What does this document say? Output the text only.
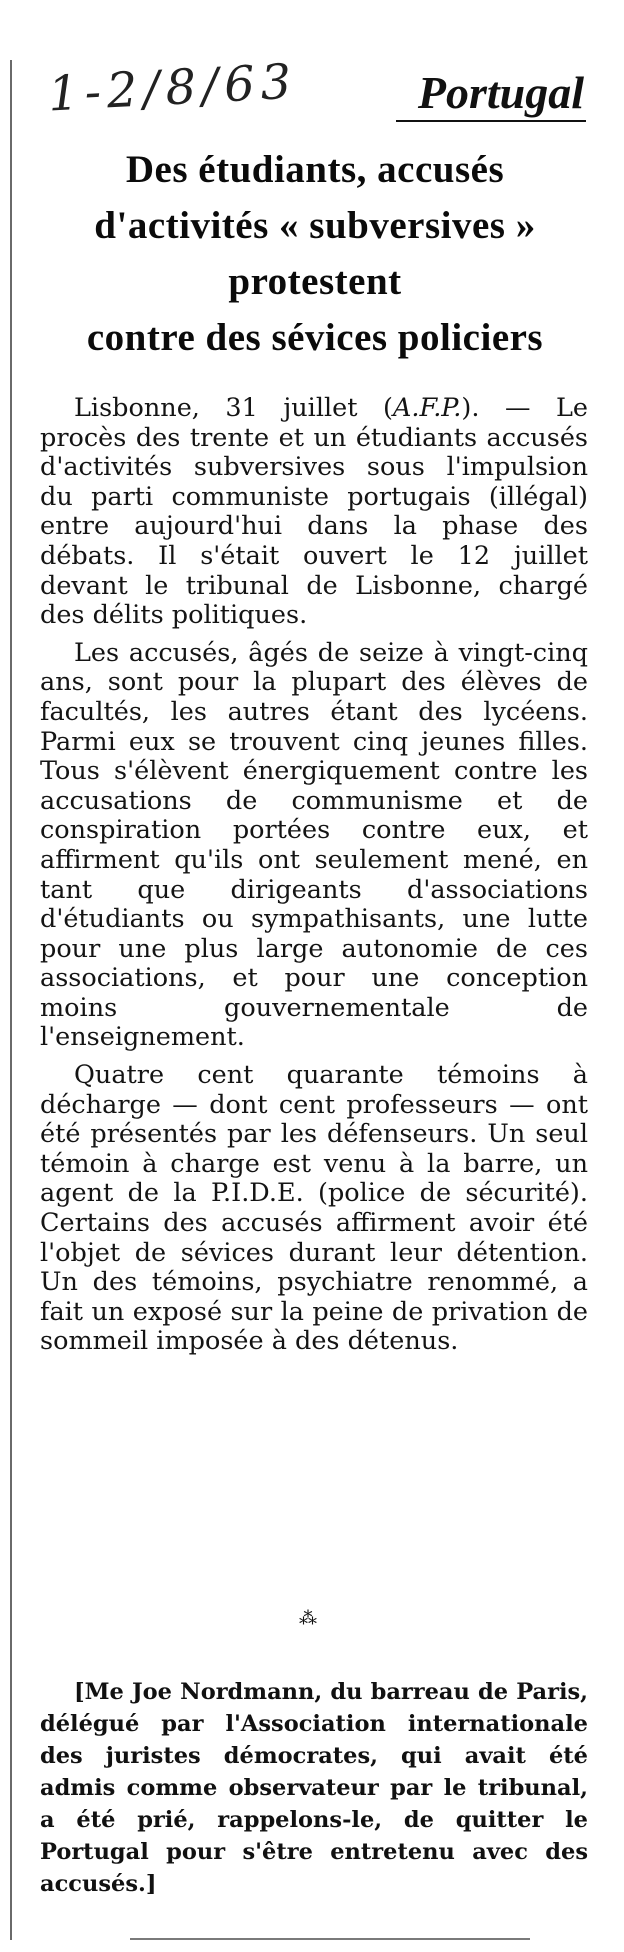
1-2/8/63	Portugal
Des étudiants, accusés
d'activités « subversives »
protestent
contre des sévices policiers

Lisbonne, 31 juillet (A.F.P.). — Le procès des trente et un étudiants accusés d'activités subversives sous l'impulsion du parti communiste portugais (illégal) entre aujourd'hui dans la phase des débats. Il s'était ouvert le 12 juillet devant le tribunal de Lisbonne, chargé des délits politiques.

Les accusés, âgés de seize à vingt-cinq ans, sont pour la plupart des élèves de facultés, les autres étant des lycéens. Parmi eux se trouvent cinq jeunes filles. Tous s'élèvent énergiquement contre les accusations de communisme et de conspiration portées contre eux, et affirment qu'ils ont seulement mené, en tant que dirigeants d'associations d'étudiants ou sympathisants, une lutte pour une plus large autonomie de ces associations, et pour une conception moins gouvernementale de l'enseignement.

Quatre cent quarante témoins à décharge — dont cent professeurs — ont été présentés par les défenseurs. Un seul témoin à charge est venu à la barre, un agent de la P.I.D.E. (police de sécurité). Certains des accusés affirment avoir été l'objet de sévices durant leur détention. Un des témoins, psychiatre renommé, a fait un exposé sur la peine de privation de sommeil imposée à des détenus.

⁂
[Me Joe Nordmann, du barreau de Paris, délégué par l'Association internationale des juristes démocrates, qui avait été admis comme observateur par le tribunal, a été prié, rappelons-le, de quitter le Portugal pour s'être entretenu avec des accusés.]
